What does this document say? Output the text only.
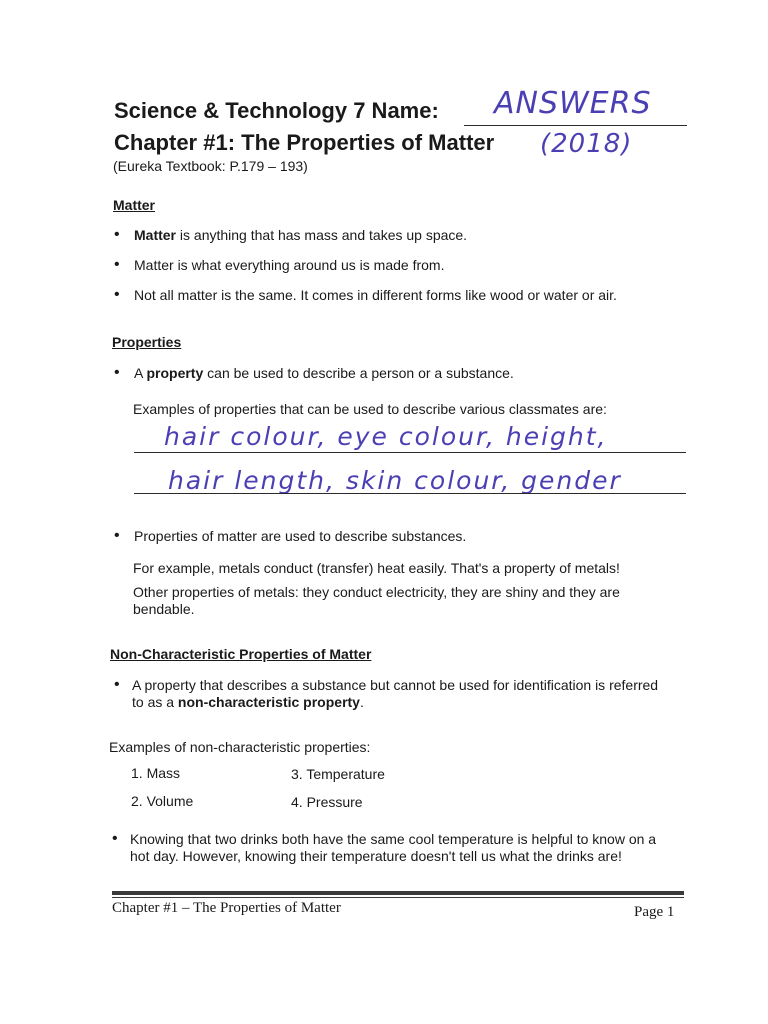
Science & Technology 7 Name: ANSWERS
Chapter #1: The Properties of Matter (2018)
(Eureka Textbook: P.179 – 193)
Matter
• Matter is anything that has mass and takes up space.
• Matter is what everything around us is made from.
• Not all matter is the same. It comes in different forms like wood or water or air.
Properties
• A property can be used to describe a person or a substance.
Examples of properties that can be used to describe various classmates are:
hair colour, eye colour, height,
hair length, skin colour, gender
• Properties of matter are used to describe substances.
For example, metals conduct (transfer) heat easily. That's a property of metals!
Other properties of metals: they conduct electricity, they are shiny and they are bendable.
Non-Characteristic Properties of Matter
• A property that describes a substance but cannot be used for identification is referred to as a non-characteristic property.
Examples of non-characteristic properties:
1. Mass
2. Volume
3. Temperature
4. Pressure
• Knowing that two drinks both have the same cool temperature is helpful to know on a hot day. However, knowing their temperature doesn't tell us what the drinks are!
Chapter #1 – The Properties of Matter	Page 1
